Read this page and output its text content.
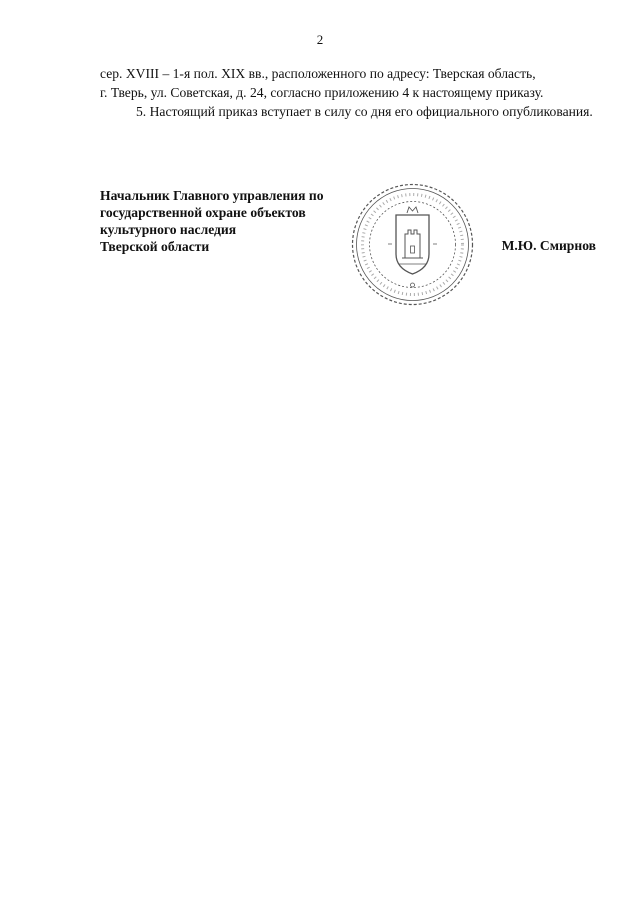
2

сер. XVIII – 1-я пол. XIX вв., расположенного по адресу: Тверская область,
г. Тверь, ул. Советская, д. 24, согласно приложению 4 к настоящему приказу.

5. Настоящий приказ вступает в силу со дня его официального опубликования.

Начальник Главного управления по
государственной охране объектов
культурного наследия
Тверской области	М.Ю. Смирнов
